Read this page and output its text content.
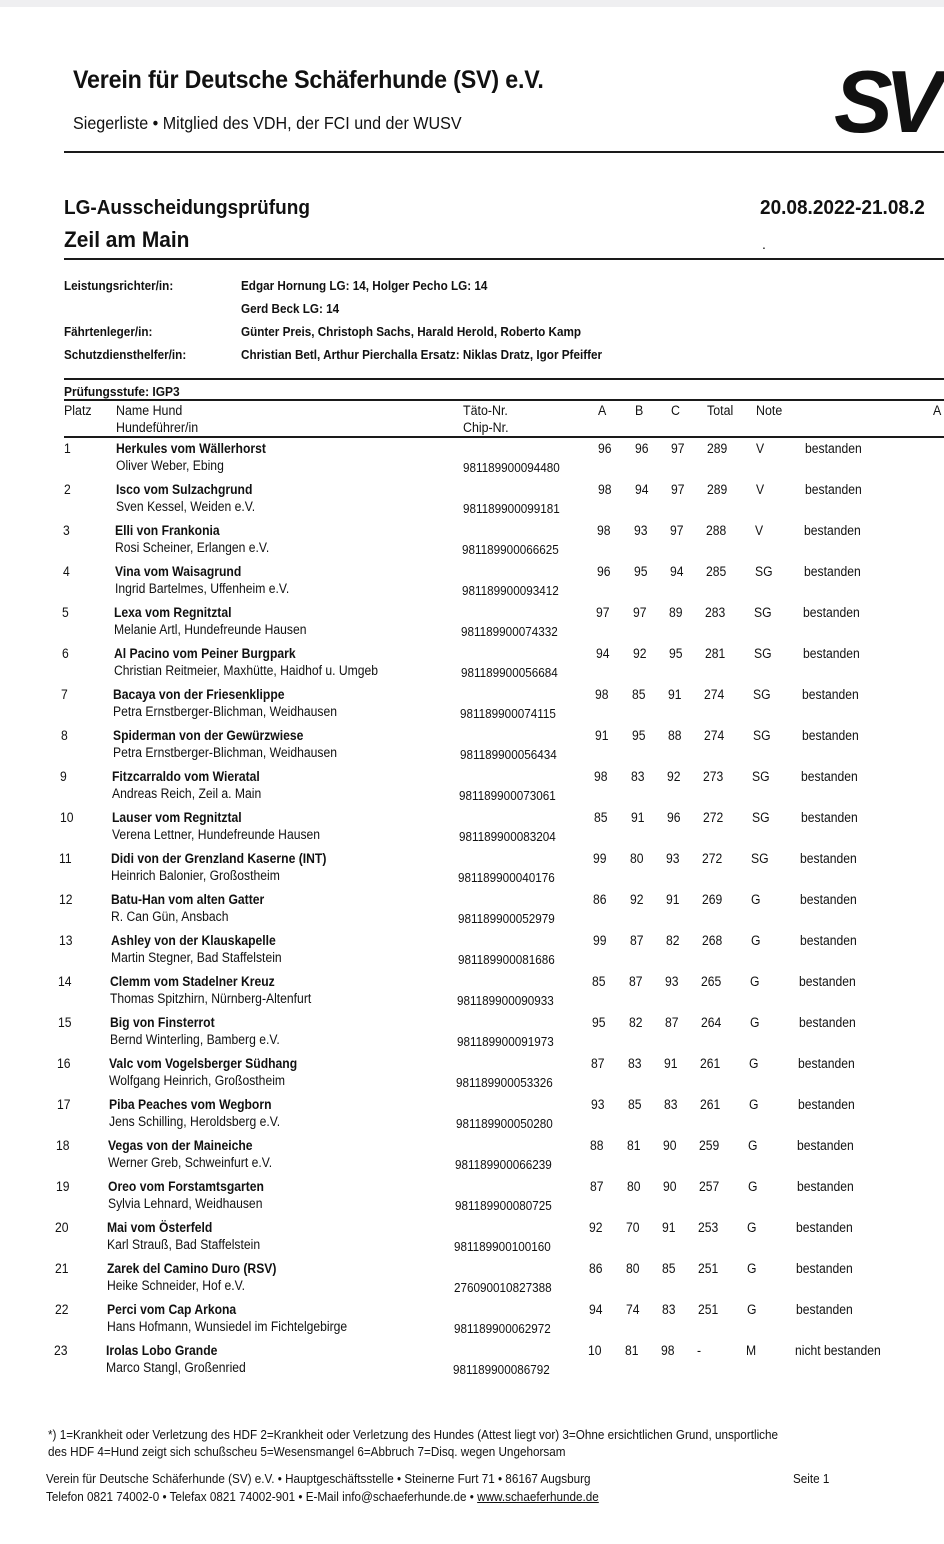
Verein für Deutsche Schäferhunde (SV) e.V.
Siegerliste • Mitglied des VDH, der FCI und der WUSV	SV
LG-Ausscheidungsprüfung
Zeil am Main
20.08.2022-21.08.2
.
Leistungsrichter/in:	Edgar Hornung LG: 14, Holger Pecho LG: 14
Gerd Beck LG: 14
Fährtenleger/in:	Günter Preis, Christoph Sachs, Harald Herold, Roberto Kamp
Schutzdiensthelfer/in:	Christian Betl, Arthur Pierchalla Ersatz: Niklas Dratz, Igor Pfeiffer
Prüfungsstufe: IGP3
Platz Name Hund
Hundeführer/in
Täto-Nr.
Chip-Nr.
A B C Total Note	A
1	Herkules vom Wällerhorst
Oliver Weber, Ebing	981189900094480
96 96 97 289 V	bestanden
2	Isco vom Sulzachgrund
Sven Kessel, Weiden e.V.	981189900099181
98 94 97 289 V	bestanden
3	Elli von Frankonia
Rosi Scheiner, Erlangen e.V.	981189900066625
98 93 97 288 V	bestanden
4	Vina vom Waisagrund
Ingrid Bartelmes, Uffenheim e.V.	981189900093412
96 95 94 285 SG bestanden
5	Lexa vom Regnitztal
Melanie Artl, Hundefreunde Hausen	981189900074332
97 97 89 283 SG bestanden
6	Al Pacino vom Peiner Burgpark
Christian Reitmeier, Maxhütte, Haidhof u. Umgeb	981189900056684
94 92 95 281 SG bestanden
7	Bacaya von der Friesenklippe
Petra Ernstberger-Blichman, Weidhausen	981189900074115
98 85 91 274 SG bestanden
8	Spiderman von der Gewürzwiese
Petra Ernstberger-Blichman, Weidhausen	981189900056434
91 95 88 274 SG bestanden
9	Fitzcarraldo vom Wieratal
Andreas Reich, Zeil a. Main	981189900073061
98 83 92 273 SG bestanden
10	Lauser vom Regnitztal
Verena Lettner, Hundefreunde Hausen	981189900083204
85 91 96 272 SG bestanden
11	Didi von der Grenzland Kaserne (INT)
Heinrich Balonier, Großostheim	981189900040176
99 80 93 272 SG bestanden
12	Batu-Han vom alten Gatter
R. Can Gün, Ansbach	981189900052979
86 92 91 269 G	bestanden
13	Ashley von der Klauskapelle
Martin Stegner, Bad Staffelstein	981189900081686
99 87 82 268 G	bestanden
14	Clemm vom Stadelner Kreuz
Thomas Spitzhirn, Nürnberg-Altenfurt	981189900090933
85 87 93 265 G	bestanden
15	Big von Finsterrot
Bernd Winterling, Bamberg e.V.	981189900091973
95 82 87 264 G	bestanden
16	Valc vom Vogelsberger Südhang
Wolfgang Heinrich, Großostheim	981189900053326
87 83 91 261 G	bestanden
17	Piba Peaches vom Wegborn
Jens Schilling, Heroldsberg e.V.	981189900050280
93 85 83 261 G	bestanden
18	Vegas von der Maineiche
Werner Greb, Schweinfurt e.V.	981189900066239
88 81 90 259 G	bestanden
19	Oreo vom Forstamtsgarten
Sylvia Lehnard, Weidhausen	981189900080725
87 80 90 257 G	bestanden
20	Mai vom Österfeld
Karl Strauß, Bad Staffelstein	981189900100160
92 70 91 253 G	bestanden
21	Zarek del Camino Duro (RSV)
Heike Schneider, Hof e.V.	276090010827388
86 80 85 251 G	bestanden
22	Perci vom Cap Arkona
Hans Hofmann, Wunsiedel im Fichtelgebirge	981189900062972
94 74 83 251 G	bestanden
23	Irolas Lobo Grande
Marco Stangl, Großenried	981189900086792
10 81 98 -	M	nicht bestanden
*) 1=Krankheit oder Verletzung des HDF 2=Krankheit oder Verletzung des Hundes (Attest liegt vor) 3=Ohne ersichtlichen Grund, unsportliche
des HDF 4=Hund zeigt sich schußscheu 5=Wesensmangel 6=Abbruch 7=Disq. wegen Ungehorsam
Verein für Deutsche Schäferhunde (SV) e.V. • Hauptgeschäftsstelle • Steinerne Furt 71 • 86167 Augsburg	Seite 1
Telefon 0821 74002-0 • Telefax 0821 74002-901 • E-Mail info@schaeferhunde.de • www.schaeferhunde.de
